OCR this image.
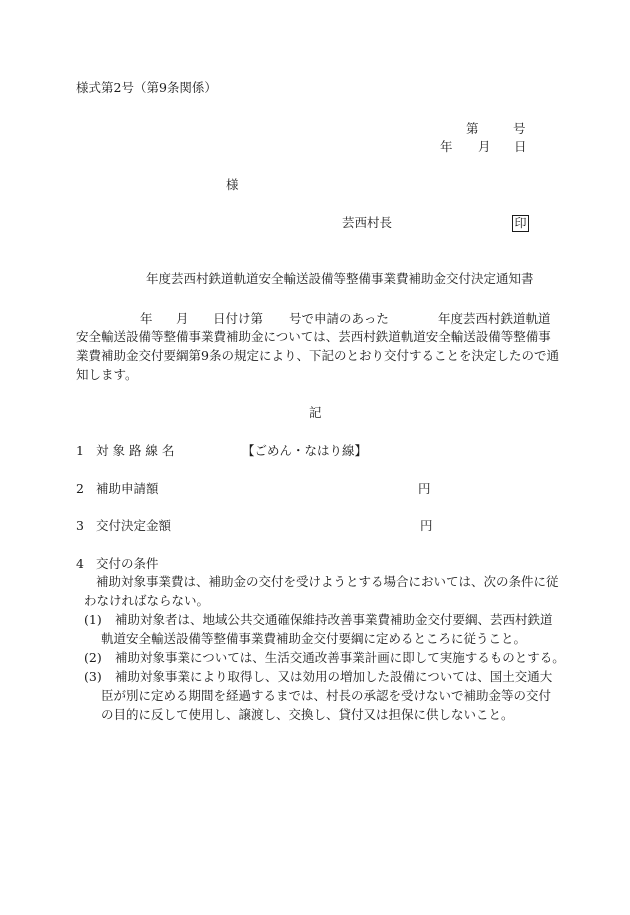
様式第2号（第9条関係）
第	号
年 月 日
様
芸西村長	印
年度芸西村鉄道軌道安全輸送設備等整備事業費補助金交付決定通知書
年 月 日付け第 号で申請のあった	年度芸西村鉄道軌道
安全輸送設備等整備事業費補助金については、芸西村鉄道軌道安全輸送設備等整備事
業費補助金交付要綱第9条の規定により、下記のとおり交付することを決定したので通
知します。
記
1 対 象 路 線 名	【ごめん・なはり線】
2 補助申請額	円
3 交付決定金額	円
4 交付の条件
補助対象事業費は、補助金の交付を受けようとする場合においては、次の条件に従
わなければならない。
(1) 補助対象者は、地域公共交通確保維持改善事業費補助金交付要綱、芸西村鉄道
軌道安全輸送設備等整備事業費補助金交付要綱に定めるところに従うこと。
(2) 補助対象事業については、生活交通改善事業計画に即して実施するものとする。
(3) 補助対象事業により取得し、又は効用の増加した設備については、国土交通大
臣が別に定める期間を経過するまでは、村長の承認を受けないで補助金等の交付
の目的に反して使用し、譲渡し、交換し、貸付又は担保に供しないこと。
